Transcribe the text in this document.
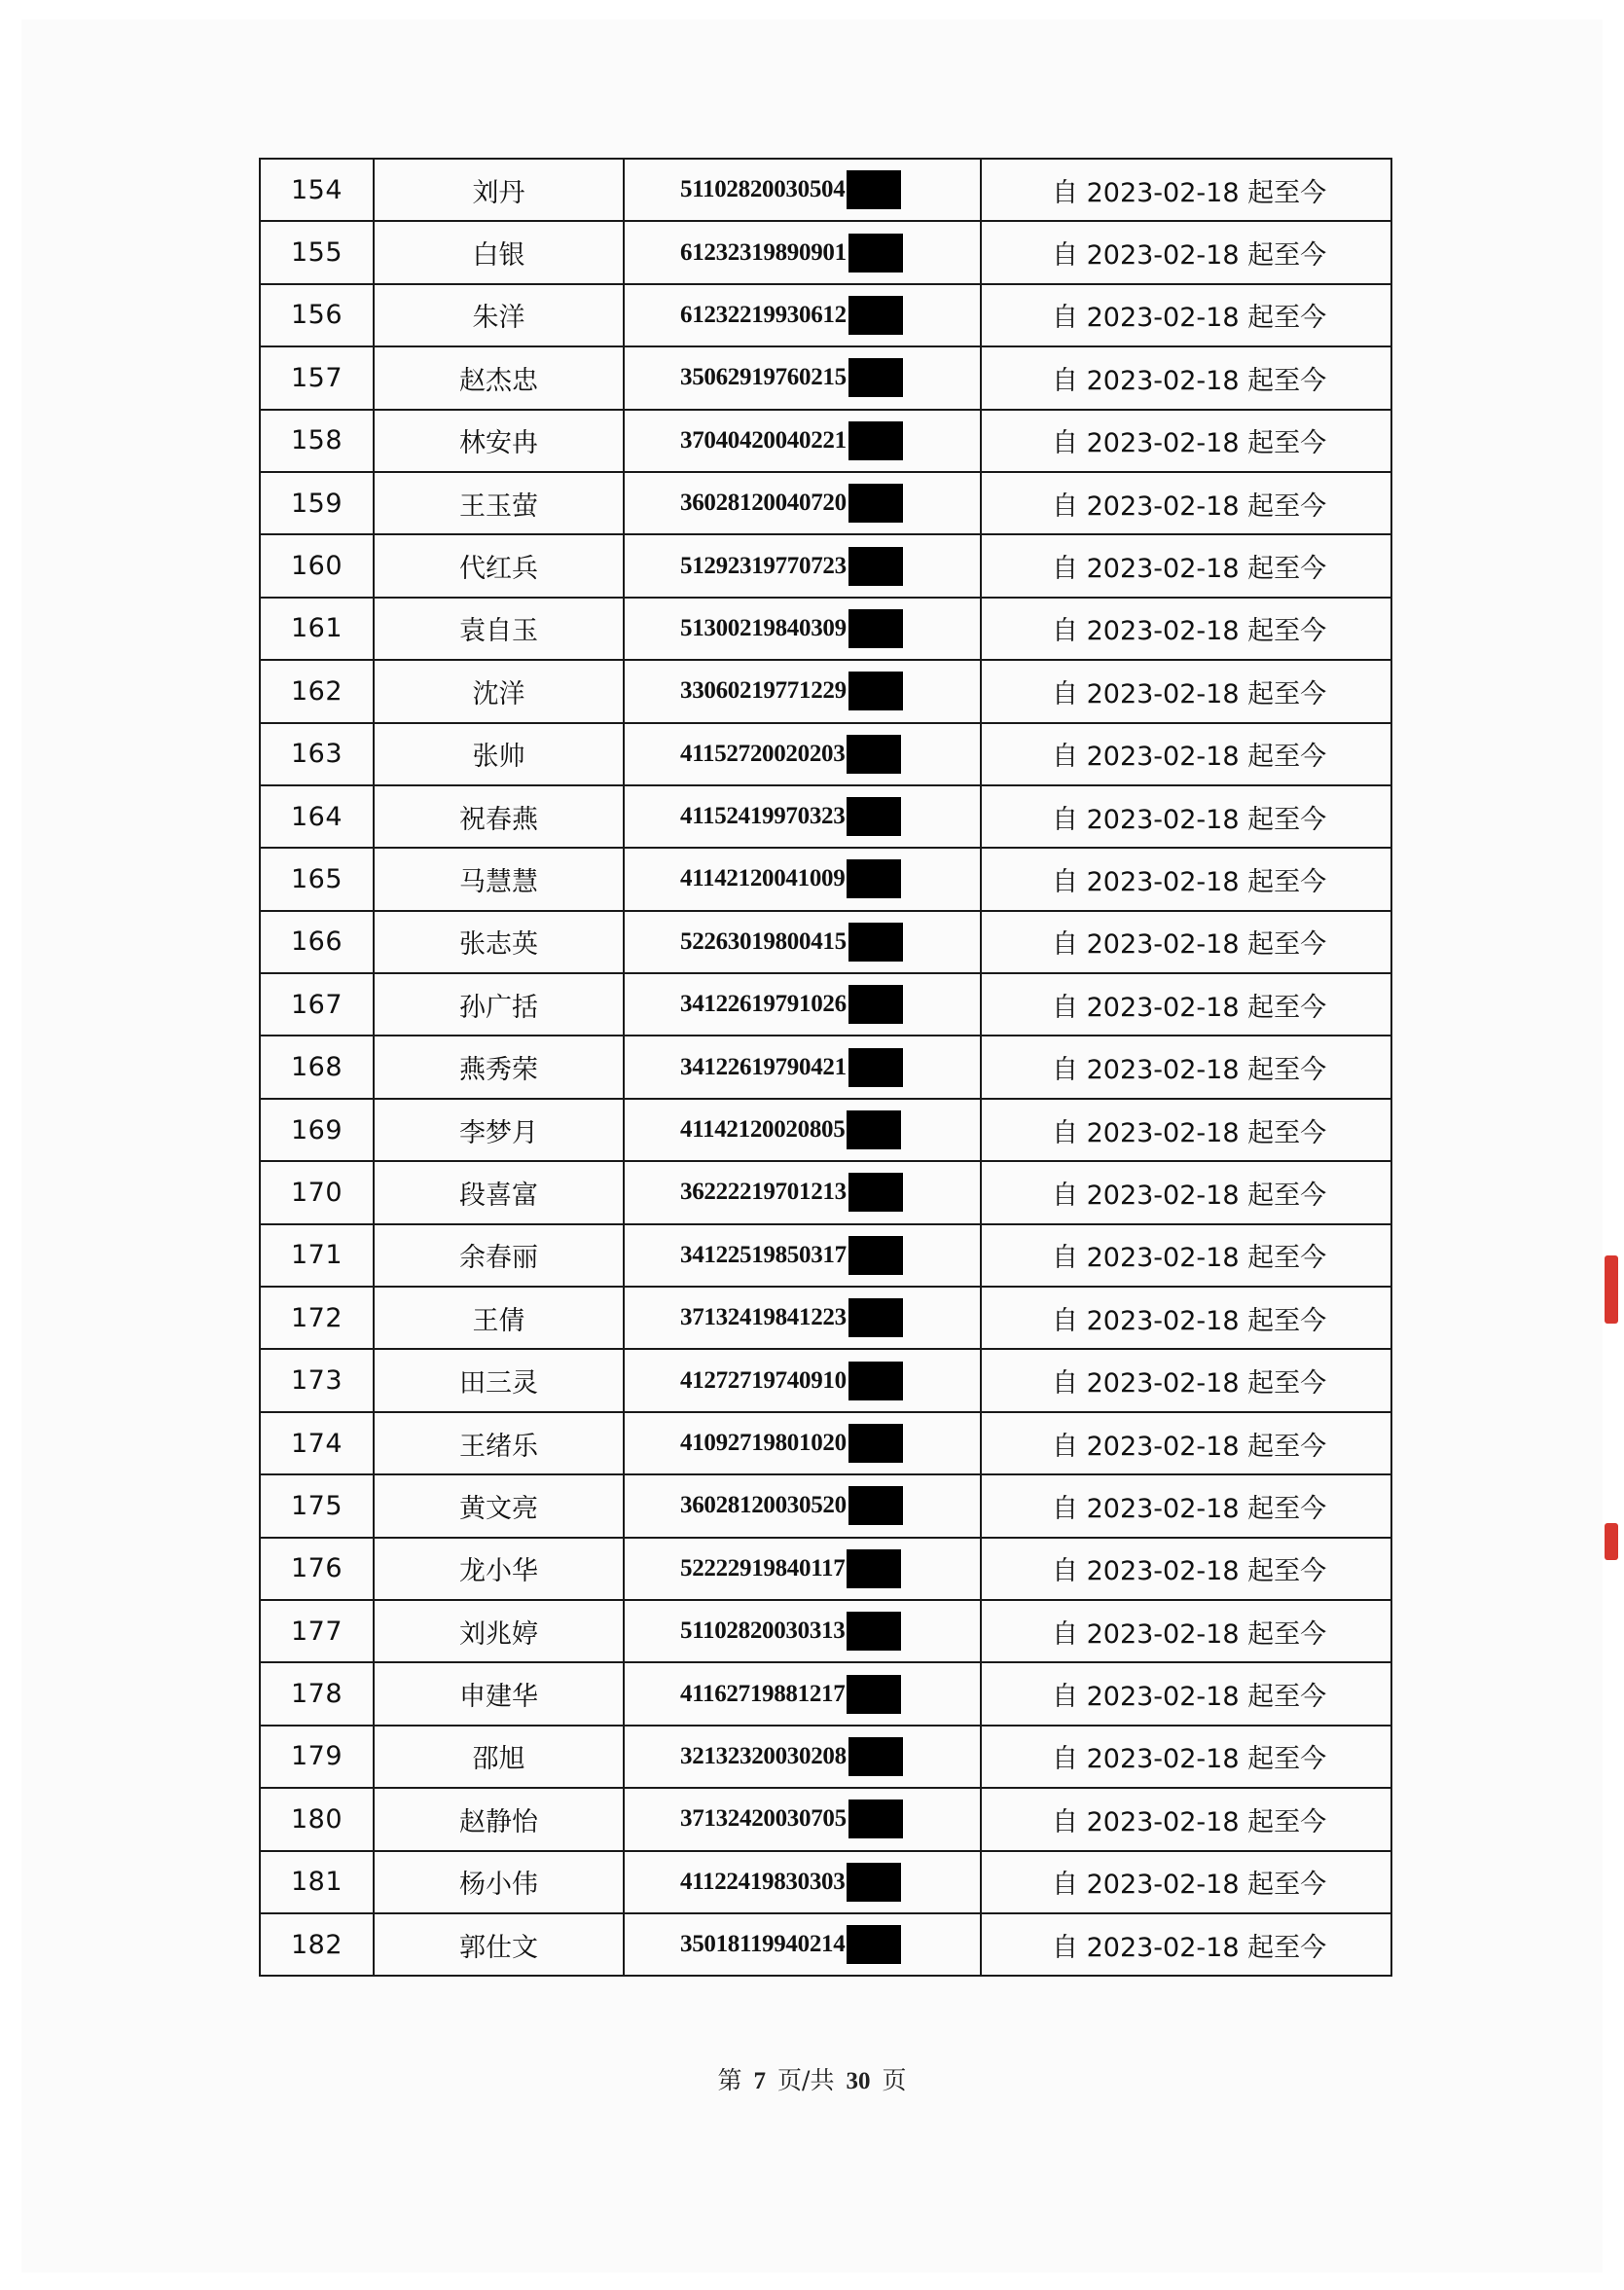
154	刘丹	51102820030504	自 2023-02-18 起至今
155	白银	61232319890901	自 2023-02-18 起至今
156	朱洋	61232219930612	自 2023-02-18 起至今
157	赵杰忠	35062919760215	自 2023-02-18 起至今
158	林安冉	37040420040221	自 2023-02-18 起至今
159	王玉萤	36028120040720	自 2023-02-18 起至今
160	代红兵	51292319770723	自 2023-02-18 起至今
161	袁自玉	51300219840309	自 2023-02-18 起至今
162	沈洋	33060219771229	自 2023-02-18 起至今
163	张帅	41152720020203	自 2023-02-18 起至今
164	祝春燕	41152419970323	自 2023-02-18 起至今
165	马慧慧	41142120041009	自 2023-02-18 起至今
166	张志英	52263019800415	自 2023-02-18 起至今
167	孙广括	34122619791026	自 2023-02-18 起至今
168	燕秀荣	34122619790421	自 2023-02-18 起至今
169	李梦月	41142120020805	自 2023-02-18 起至今
170	段喜富	36222219701213	自 2023-02-18 起至今
171	余春丽	34122519850317	自 2023-02-18 起至今
172	王倩	37132419841223	自 2023-02-18 起至今
173	田三灵	41272719740910	自 2023-02-18 起至今
174	王绪乐	41092719801020	自 2023-02-18 起至今
175	黄文亮	36028120030520	自 2023-02-18 起至今
176	龙小华	52222919840117	自 2023-02-18 起至今
177	刘兆婷	51102820030313	自 2023-02-18 起至今
178	申建华	41162719881217	自 2023-02-18 起至今
179	邵旭	32132320030208	自 2023-02-18 起至今
180	赵静怡	37132420030705	自 2023-02-18 起至今
181	杨小伟	41122419830303	自 2023-02-18 起至今
182	郭仕文	35018119940214	自 2023-02-18 起至今
第 7 页/共 30 页
